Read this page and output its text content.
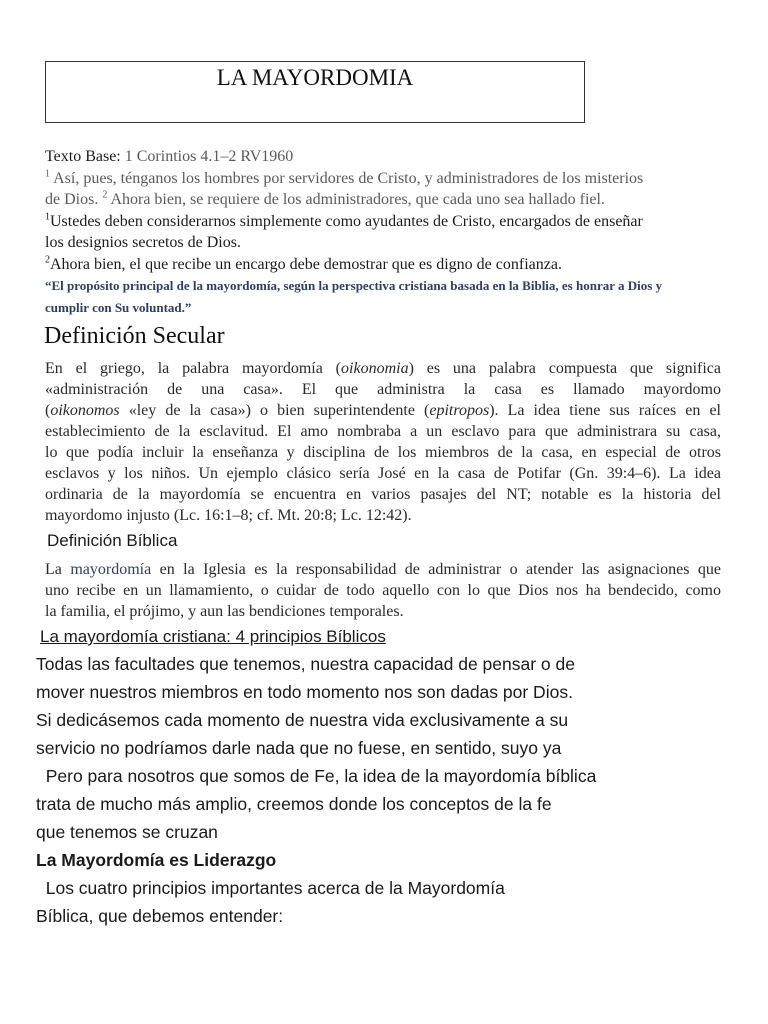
LA MAYORDOMIA
Texto Base: 1 Corintios 4.1–2 RV1960
$^1$ Así, pues, ténganos los hombres por servidores de Cristo, y administradores de los misterios
de Dios. $^2$ Ahora bien, se requiere de los administradores, que cada uno sea hallado fiel.
$^1$Ustedes deben considerarnos simplemente como ayudantes de Cristo, encargados de enseñar
los designios secretos de Dios.
$^2$Ahora bien, el que recibe un encargo debe demostrar que es digno de confianza.
“El propósito principal de la mayordomía, según la perspectiva cristiana basada en la Biblia, es honrar a Dios y
cumplir con Su voluntad.”
Definición Secular
En el griego, la palabra mayordomía (oikonomia) es una palabra compuesta que significa
«administración de una casa». El que administra la casa es llamado mayordomo
(oikonomos «ley de la casa») o bien superintendente (epitropos). La idea tiene sus raíces en el
establecimiento de la esclavitud. El amo nombraba a un esclavo para que administrara su casa,
lo que podía incluir la enseñanza y disciplina de los miembros de la casa, en especial de otros
esclavos y los niños. Un ejemplo clásico sería José en la casa de Potifar (Gn. 39:4–6). La idea
ordinaria de la mayordomía se encuentra en varios pasajes del NT; notable es la historia del
mayordomo injusto (Lc. 16:1–8; cf. Mt. 20:8; Lc. 12:42).
Definición Bíblica
La mayordomía en la Iglesia es la responsabilidad de administrar o atender las asignaciones que
uno recibe en un llamamiento, o cuidar de todo aquello con lo que Dios nos ha bendecido, como
la familia, el prójimo, y aun las bendiciones temporales.
La mayordomía cristiana: 4 principios Bíblicos
Todas las facultades que tenemos, nuestra capacidad de pensar o de
mover nuestros miembros en todo momento nos son dadas por Dios.
Si dedicásemos cada momento de nuestra vida exclusivamente a su
servicio no podríamos darle nada que no fuese, en sentido, suyo ya
Pero para nosotros que somos de Fe, la idea de la mayordomía bíblica
trata de mucho más amplio, creemos donde los conceptos de la fe
que tenemos se cruzan
La Mayordomía es Liderazgo
Los cuatro principios importantes acerca de la Mayordomía
Bíblica, que debemos entender:
